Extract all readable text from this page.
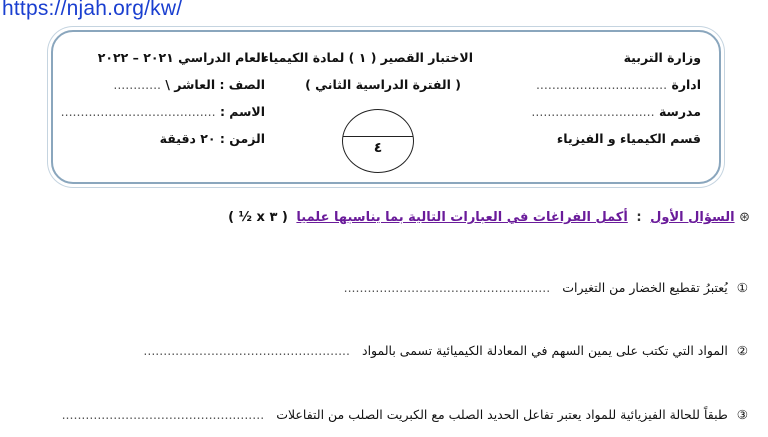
https://njah.org/kw/
وزارة التربية
ادارة .................................
مدرسة ...............................
قسم الكيمياء و الفيزياء
الاختبار القصير ( ١ ) لمادة الكيمياء
( الفترة الدراسية الثاني )
٤
العام الدراسي ٢٠٢١ – ٢٠٢٢
الصف : العاشر \ ............
الاسم : .......................................
الزمن : ٢٠ دقيقة
⊛ السؤال الأول : أكمل الفراغات في العبارات التالية بما يناسبها علميا ( ٣ x ½ )
① يُعتبرُ تقطيع الخضار من التغيرات ....................................................
② المواد التي تكتب على يمين السهم في المعادلة الكيميائية تسمى بالمواد ....................................................
③ طبقاً للحالة الفيزيائية للمواد يعتبر تفاعل الحديد الصلب مع الكبريت الصلب من التفاعلات ...................................................
